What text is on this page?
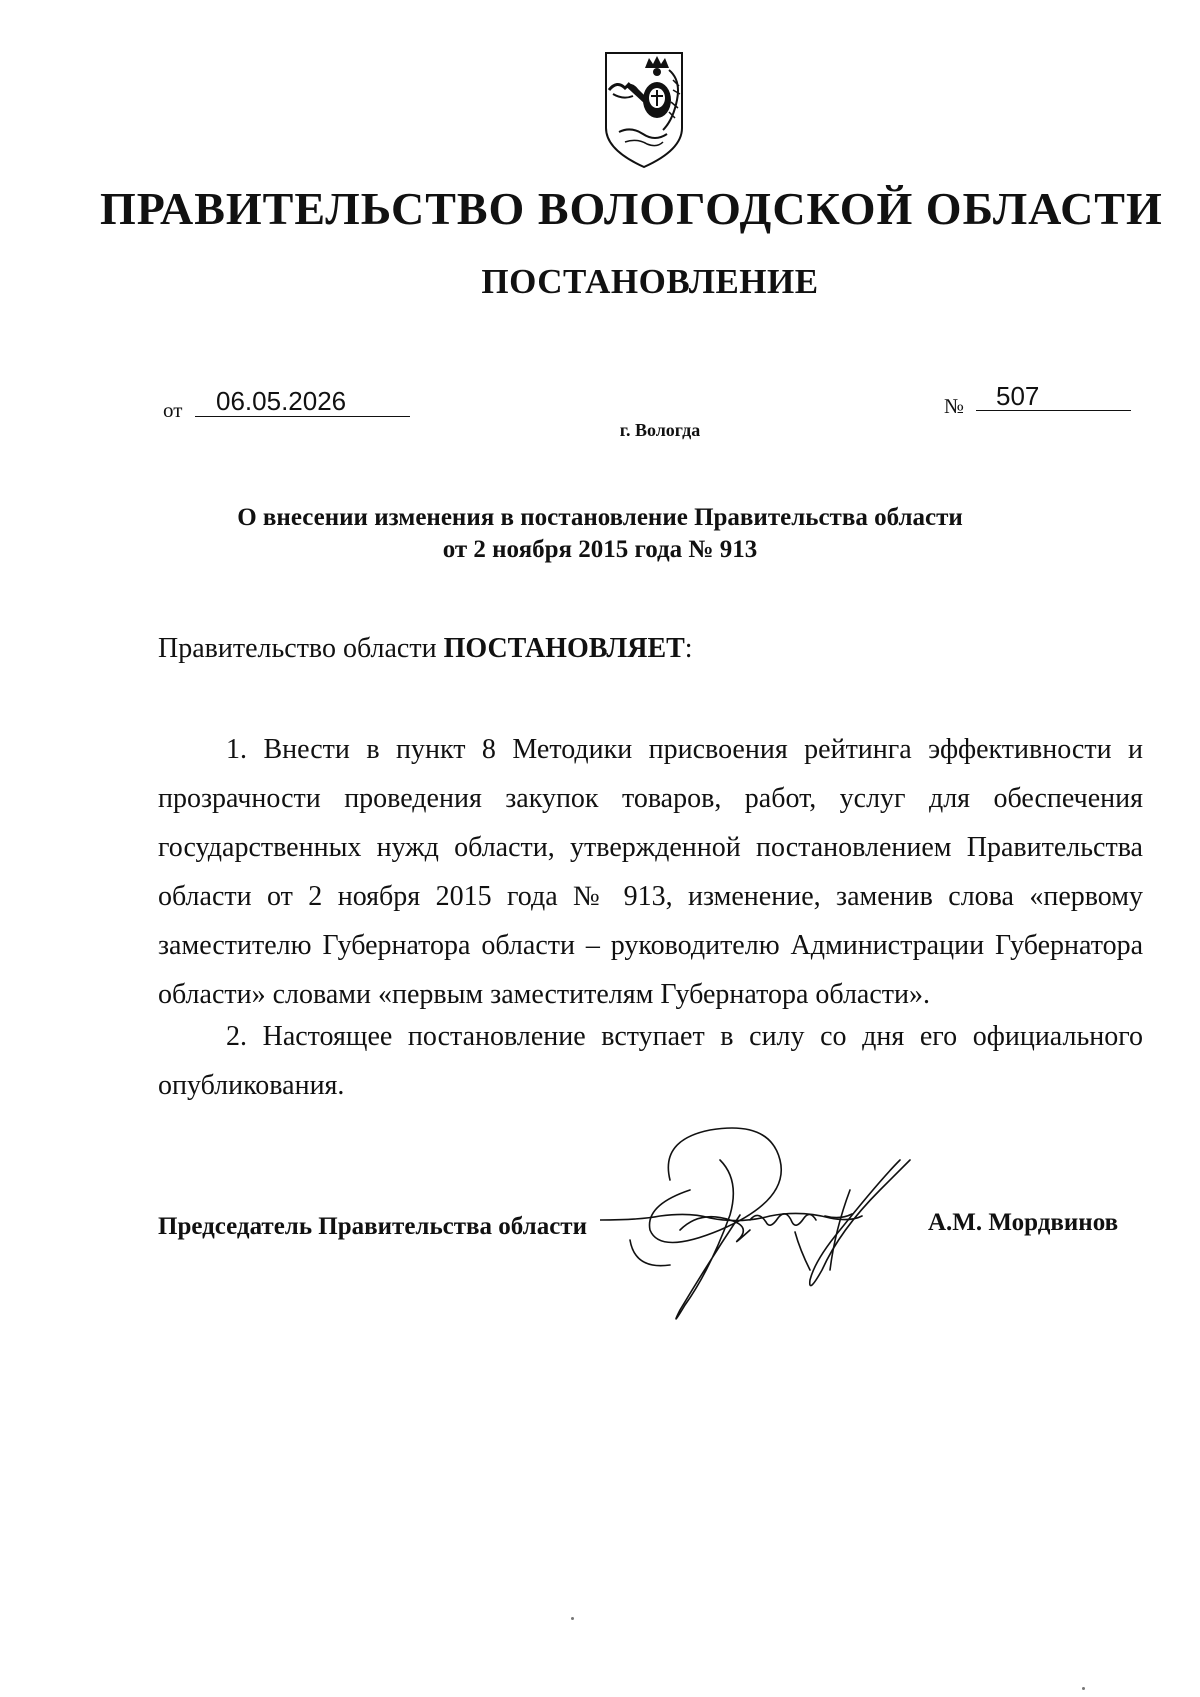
ПРАВИТЕЛЬСТВО ВОЛОГОДСКОЙ ОБЛАСТИ
ПОСТАНОВЛЕНИЕ
от 06.05.2026	№ 507
г. Вологда
О внесении изменения в постановление Правительства области
от 2 ноября 2015 года № 913
Правительство области ПОСТАНОВЛЯЕТ:
1. Внести в пункт 8 Методики присвоения рейтинга эффективности и прозрачности проведения закупок товаров, работ, услуг для обеспечения государственных нужд области, утвержденной постановлением Правительства области от 2 ноября 2015 года № 913, изменение, заменив слова «первому заместителю Губернатора области – руководителю Администрации Губернатора области» словами «первым заместителям Губернатора области».
2. Настоящее постановление вступает в силу со дня его официального опубликования.
Председатель Правительства области	А.М. Мордвинов
